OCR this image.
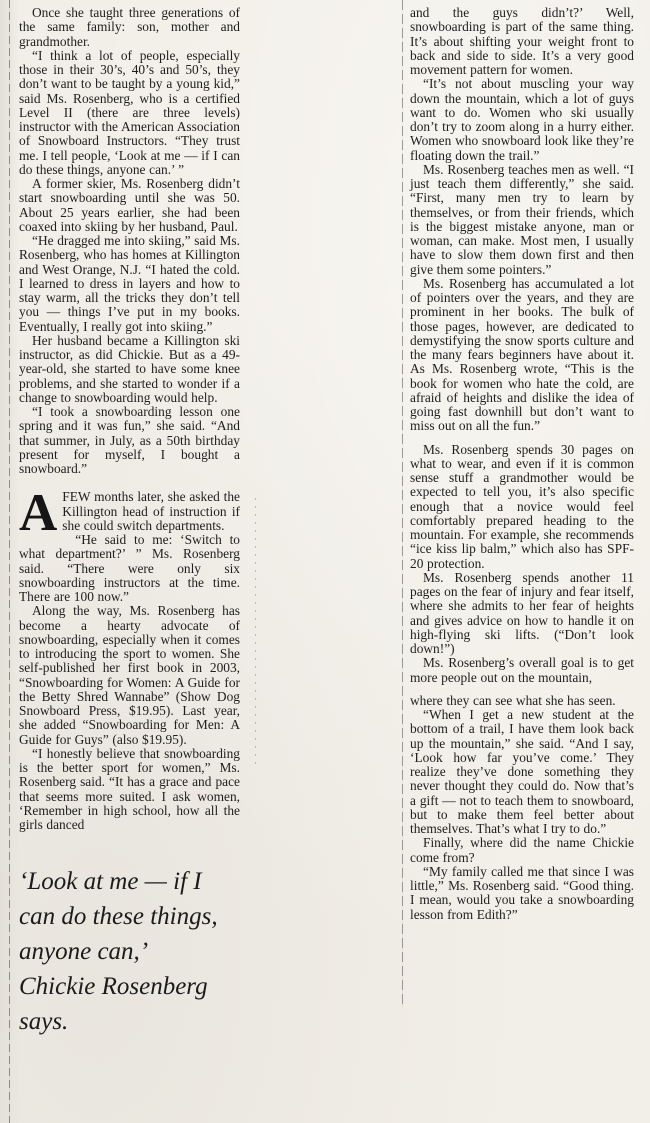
Once she taught three generations of the same family: son, mother and grandmother.

“I think a lot of people, especially those in their 30’s, 40’s and 50’s, they don’t want to be taught by a young kid,” said Ms. Rosenberg, who is a certified Level II (there are three levels) instructor with the American Association of Snowboard Instructors. “They trust me. I tell people, ‘Look at me — if I can do these things, anyone can.’ ”

A former skier, Ms. Rosenberg didn’t start snowboarding until she was 50. About 25 years earlier, she had been coaxed into skiing by her husband, Paul.

“He dragged me into skiing,” said Ms. Rosenberg, who has homes at Killington and West Orange, N.J. “I hated the cold. I learned to dress in layers and how to stay warm, all the tricks they don’t tell you — things I’ve put in my books. Eventually, I really got into skiing.”

Her husband became a Killington ski instructor, as did Chickie. But as a 49-year-old, she started to have some knee problems, and she started to wonder if a change to snowboarding would help.

“I took a snowboarding lesson one spring and it was fun,” she said. “And that summer, in July, as a 50th birthday present for myself, I bought a snowboard.”

AFEW months later, she asked the Killington head of instruction if she could switch departments.

“He said to me: ‘Switch to what department?’ ” Ms. Rosenberg said. “There were only six snowboarding instructors at the time. There are 100 now.”

Along the way, Ms. Rosenberg has become a hearty advocate of snowboarding, especially when it comes to introducing the sport to women. She self-published her first book in 2003, “Snowboarding for Women: A Guide for the Betty Shred Wannabe” (Show Dog Snowboard Press, $19.95). Last year, she added “Snowboarding for Men: A Guide for Guys” (also $19.95).

“I honestly believe that snowboarding is the better sport for women,” Ms. Rosenberg said. “It has a grace and pace that seems more suited. I ask women, ‘Remember in high school, how all the girls danced

‘Look at me — if I can do these things, anyone can,’ Chickie Rosenberg says.

and the guys didn’t?’ Well, snowboarding is part of the same thing. It’s about shifting your weight front to back and side to side. It’s a very good movement pattern for women.

“It’s not about muscling your way down the mountain, which a lot of guys want to do. Women who ski usually don’t try to zoom along in a hurry either. Women who snowboard look like they’re floating down the trail.”

Ms. Rosenberg teaches men as well. “I just teach them differently,” she said. “First, many men try to learn by themselves, or from their friends, which is the biggest mistake anyone, man or woman, can make. Most men, I usually have to slow them down first and then give them some pointers.”

Ms. Rosenberg has accumulated a lot of pointers over the years, and they are prominent in her books. The bulk of those pages, however, are dedicated to demystifying the snow sports culture and the many fears beginners have about it. As Ms. Rosenberg wrote, “This is the book for women who hate the cold, are afraid of heights and dislike the idea of going fast downhill but don’t want to miss out on all the fun.”

Ms. Rosenberg spends 30 pages on what to wear, and even if it is common sense stuff a grandmother would be expected to tell you, it’s also specific enough that a novice would feel comfortably prepared heading to the mountain. For example, she recommends “ice kiss lip balm,” which also has SPF-20 protection.

Ms. Rosenberg spends another 11 pages on the fear of injury and fear itself, where she admits to her fear of heights and gives advice on how to handle it on high-flying ski lifts. (“Don’t look down!”)

Ms. Rosenberg’s overall goal is to get more people out on the mountain,

where they can see what she has seen.

“When I get a new student at the bottom of a trail, I have them look back up the mountain,” she said. “And I say, ‘Look how far you’ve come.’ They realize they’ve done something they never thought they could do. Now that’s a gift — not to teach them to snowboard, but to make them feel better about themselves. That’s what I try to do.”

Finally, where did the name Chickie come from?

“My family called me that since I was little,” Ms. Rosenberg said. “Good thing. I mean, would you take a snowboarding lesson from Edith?”
